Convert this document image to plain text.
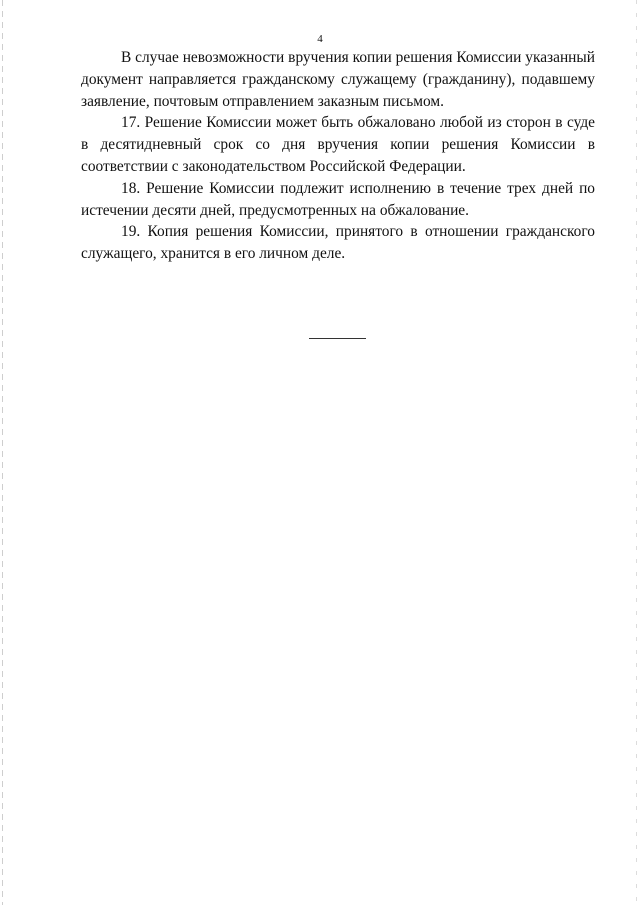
4

В случае невозможности вручения копии решения Комиссии указанный документ направляется гражданскому служащему (гражданину), подавшему заявление, почтовым отправлением заказным письмом.

17. Решение Комиссии может быть обжаловано любой из сторон в суде в десятидневный срок со дня вручения копии решения Комиссии в соответствии с законодательством Российской Федерации.

18. Решение Комиссии подлежит исполнению в течение трех дней по истечении десяти дней, предусмотренных на обжалование.

19. Копия решения Комиссии, принятого в отношении гражданского служащего, хранится в его личном деле.
